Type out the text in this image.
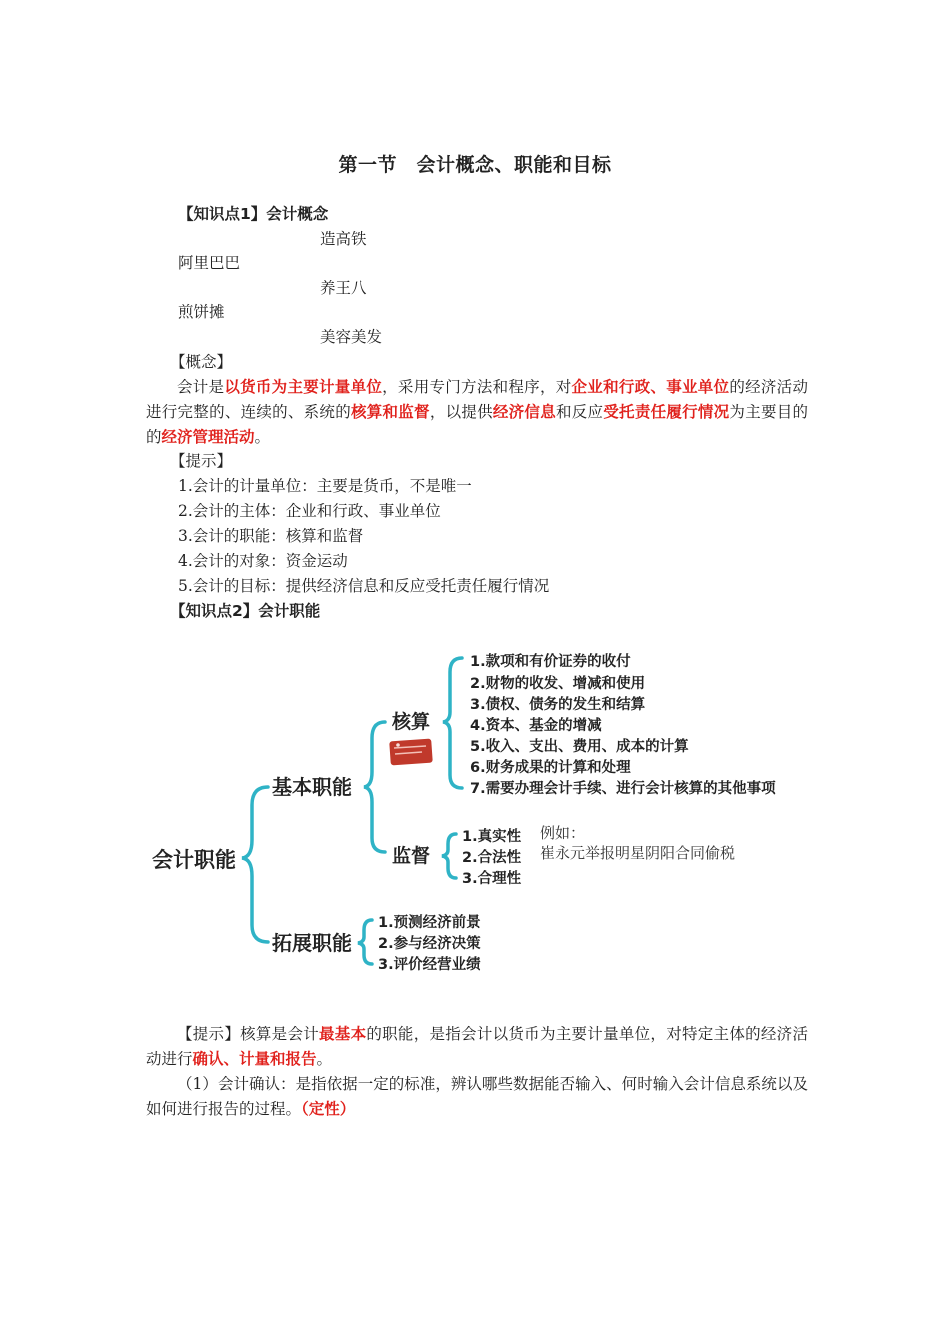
第一节　会计概念、职能和目标
【知识点1】会计概念
造高铁
阿里巴巴
养王八
煎饼摊
美容美发
【概念】
会计是以货币为主要计量单位，采用专门方法和程序，对企业和行政、事业单位的经济活动进行完整的、连续的、系统的核算和监督，以提供经济信息和反应受托责任履行情况为主要目的的经济管理活动。
【提示】
1.会计的计量单位：主要是货币，不是唯一
2.会计的主体：企业和行政、事业单位
3.会计的职能：核算和监督
4.会计的对象：资金运动
5.会计的目标：提供经济信息和反应受托责任履行情况
【知识点2】会计职能
会计职能
基本职能
核算
1.款项和有价证券的收付
2.财物的收发、增减和使用
3.债权、债务的发生和结算
4.资本、基金的增减
5.收入、支出、费用、成本的计算
6.财务成果的计算和处理
7.需要办理会计手续、进行会计核算的其他事项
监督
1.真实性
2.合法性
3.合理性
例如：
崔永元举报明星阴阳合同偷税
拓展职能
1.预测经济前景
2.参与经济决策
3.评价经营业绩
【提示】核算是会计最基本的职能，是指会计以货币为主要计量单位，对特定主体的经济活动进行确认、计量和报告。
（1）会计确认：是指依据一定的标准，辨认哪些数据能否输入、何时输入会计信息系统以及如何进行报告的过程。（定性）
